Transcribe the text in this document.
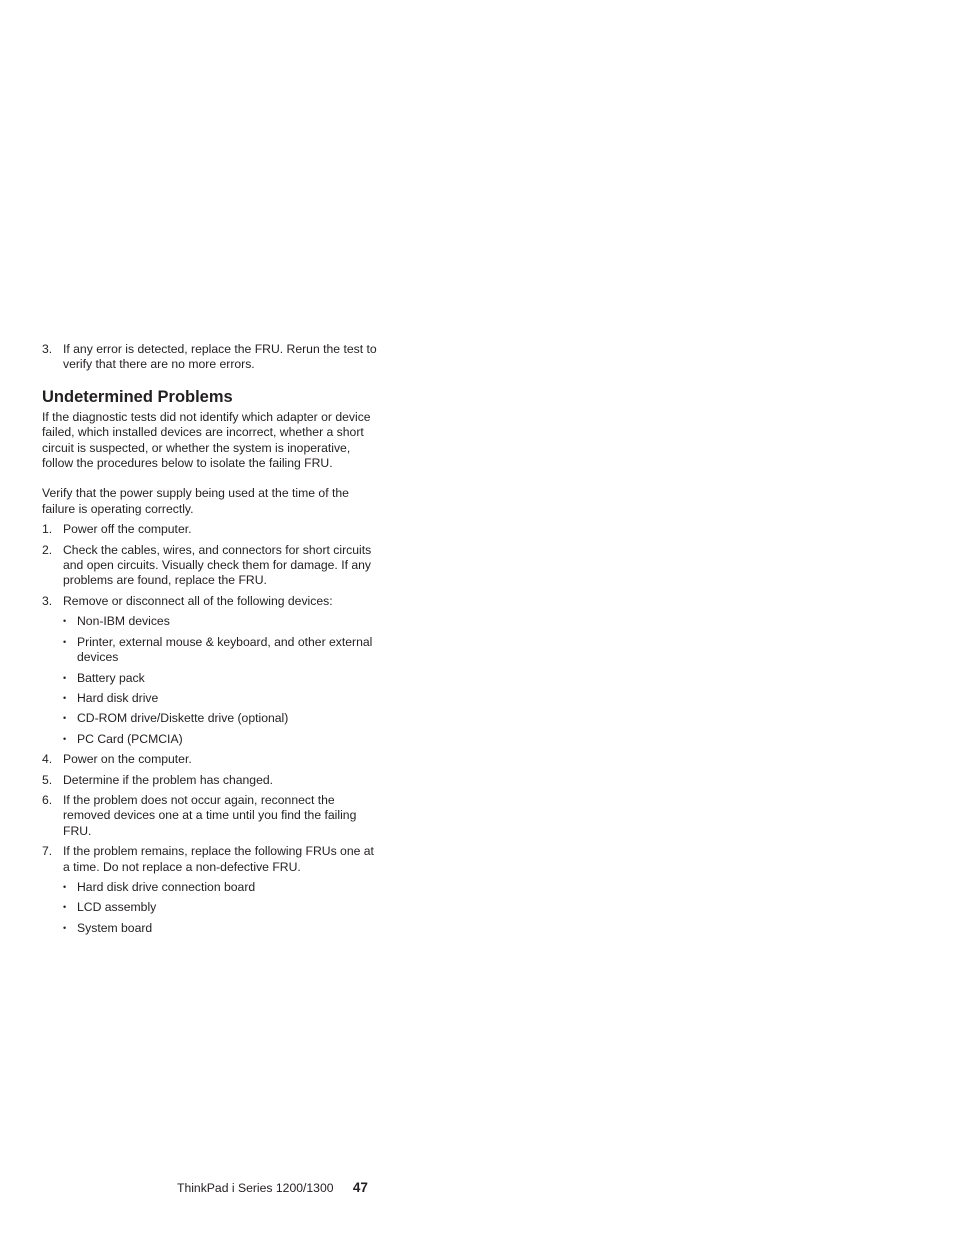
3. If any error is detected, replace the FRU. Rerun the test to verify that there are no more errors.
Undetermined Problems

If the diagnostic tests did not identify which adapter or device failed, which installed devices are incorrect, whether a short circuit is suspected, or whether the system is inoperative, follow the procedures below to isolate the failing FRU.

Verify that the power supply being used at the time of the failure is operating correctly.

1. Power off the computer.
2. Check the cables, wires, and connectors for short circuits and open circuits. Visually check them for damage. If any problems are found, replace the FRU.
3. Remove or disconnect all of the following devices:
• Non-IBM devices
• Printer, external mouse & keyboard, and other external devices
• Battery pack
• Hard disk drive
• CD-ROM drive/Diskette drive (optional)
• PC Card (PCMCIA)
4. Power on the computer.
5. Determine if the problem has changed.
6. If the problem does not occur again, reconnect the removed devices one at a time until you find the failing FRU.
7. If the problem remains, replace the following FRUs one at a time. Do not replace a non-defective FRU.
• Hard disk drive connection board
• LCD assembly
• System board
ThinkPad i Series 1200/1300 47
